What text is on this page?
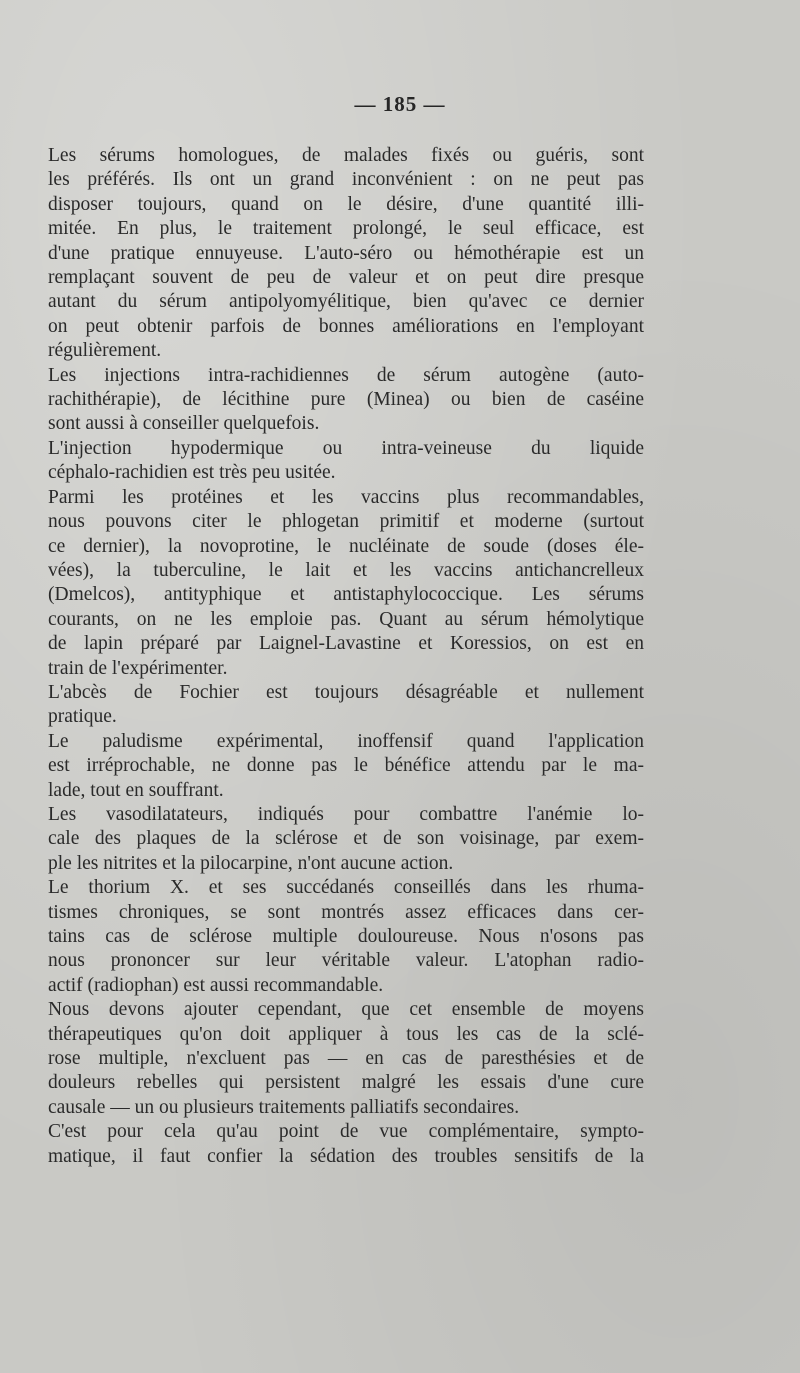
— 185 —
Les sérums homologues, de malades fixés ou guéris, sont
les préférés. Ils ont un grand inconvénient : on ne peut pas
disposer toujours, quand on le désire, d'une quantité illi-
mitée. En plus, le traitement prolongé, le seul efficace, est
d'une pratique ennuyeuse. L'auto-séro ou hémothérapie est un
remplaçant souvent de peu de valeur et on peut dire presque
autant du sérum antipolyomyélitique, bien qu'avec ce dernier
on peut obtenir parfois de bonnes améliorations en l'employant
régulièrement.
Les injections intra-rachidiennes de sérum autogène (auto-
rachithérapie), de lécithine pure (Minea) ou bien de caséine
sont aussi à conseiller quelquefois.
L'injection hypodermique ou intra-veineuse du liquide
céphalo-rachidien est très peu usitée.
Parmi les protéines et les vaccins plus recommandables,
nous pouvons citer le phlogetan primitif et moderne (surtout
ce dernier), la novoprotine, le nucléinate de soude (doses éle-
vées), la tuberculine, le lait et les vaccins antichancrelleux
(Dmelcos), antityphique et antistaphylococcique. Les sérums
courants, on ne les emploie pas. Quant au sérum hémolytique
de lapin préparé par Laignel-Lavastine et Koressios, on est en
train de l'expérimenter.
L'abcès de Fochier est toujours désagréable et nullement
pratique.
Le paludisme expérimental, inoffensif quand l'application
est irréprochable, ne donne pas le bénéfice attendu par le ma-
lade, tout en souffrant.
Les vasodilatateurs, indiqués pour combattre l'anémie lo-
cale des plaques de la sclérose et de son voisinage, par exem-
ple les nitrites et la pilocarpine, n'ont aucune action.
Le thorium X. et ses succédanés conseillés dans les rhuma-
tismes chroniques, se sont montrés assez efficaces dans cer-
tains cas de sclérose multiple douloureuse. Nous n'osons pas
nous prononcer sur leur véritable valeur. L'atophan radio-
actif (radiophan) est aussi recommandable.
Nous devons ajouter cependant, que cet ensemble de moyens
thérapeutiques qu'on doit appliquer à tous les cas de la sclé-
rose multiple, n'excluent pas — en cas de paresthésies et de
douleurs rebelles qui persistent malgré les essais d'une cure
causale — un ou plusieurs traitements palliatifs secondaires.
C'est pour cela qu'au point de vue complémentaire, sympto-
matique, il faut confier la sédation des troubles sensitifs de la
